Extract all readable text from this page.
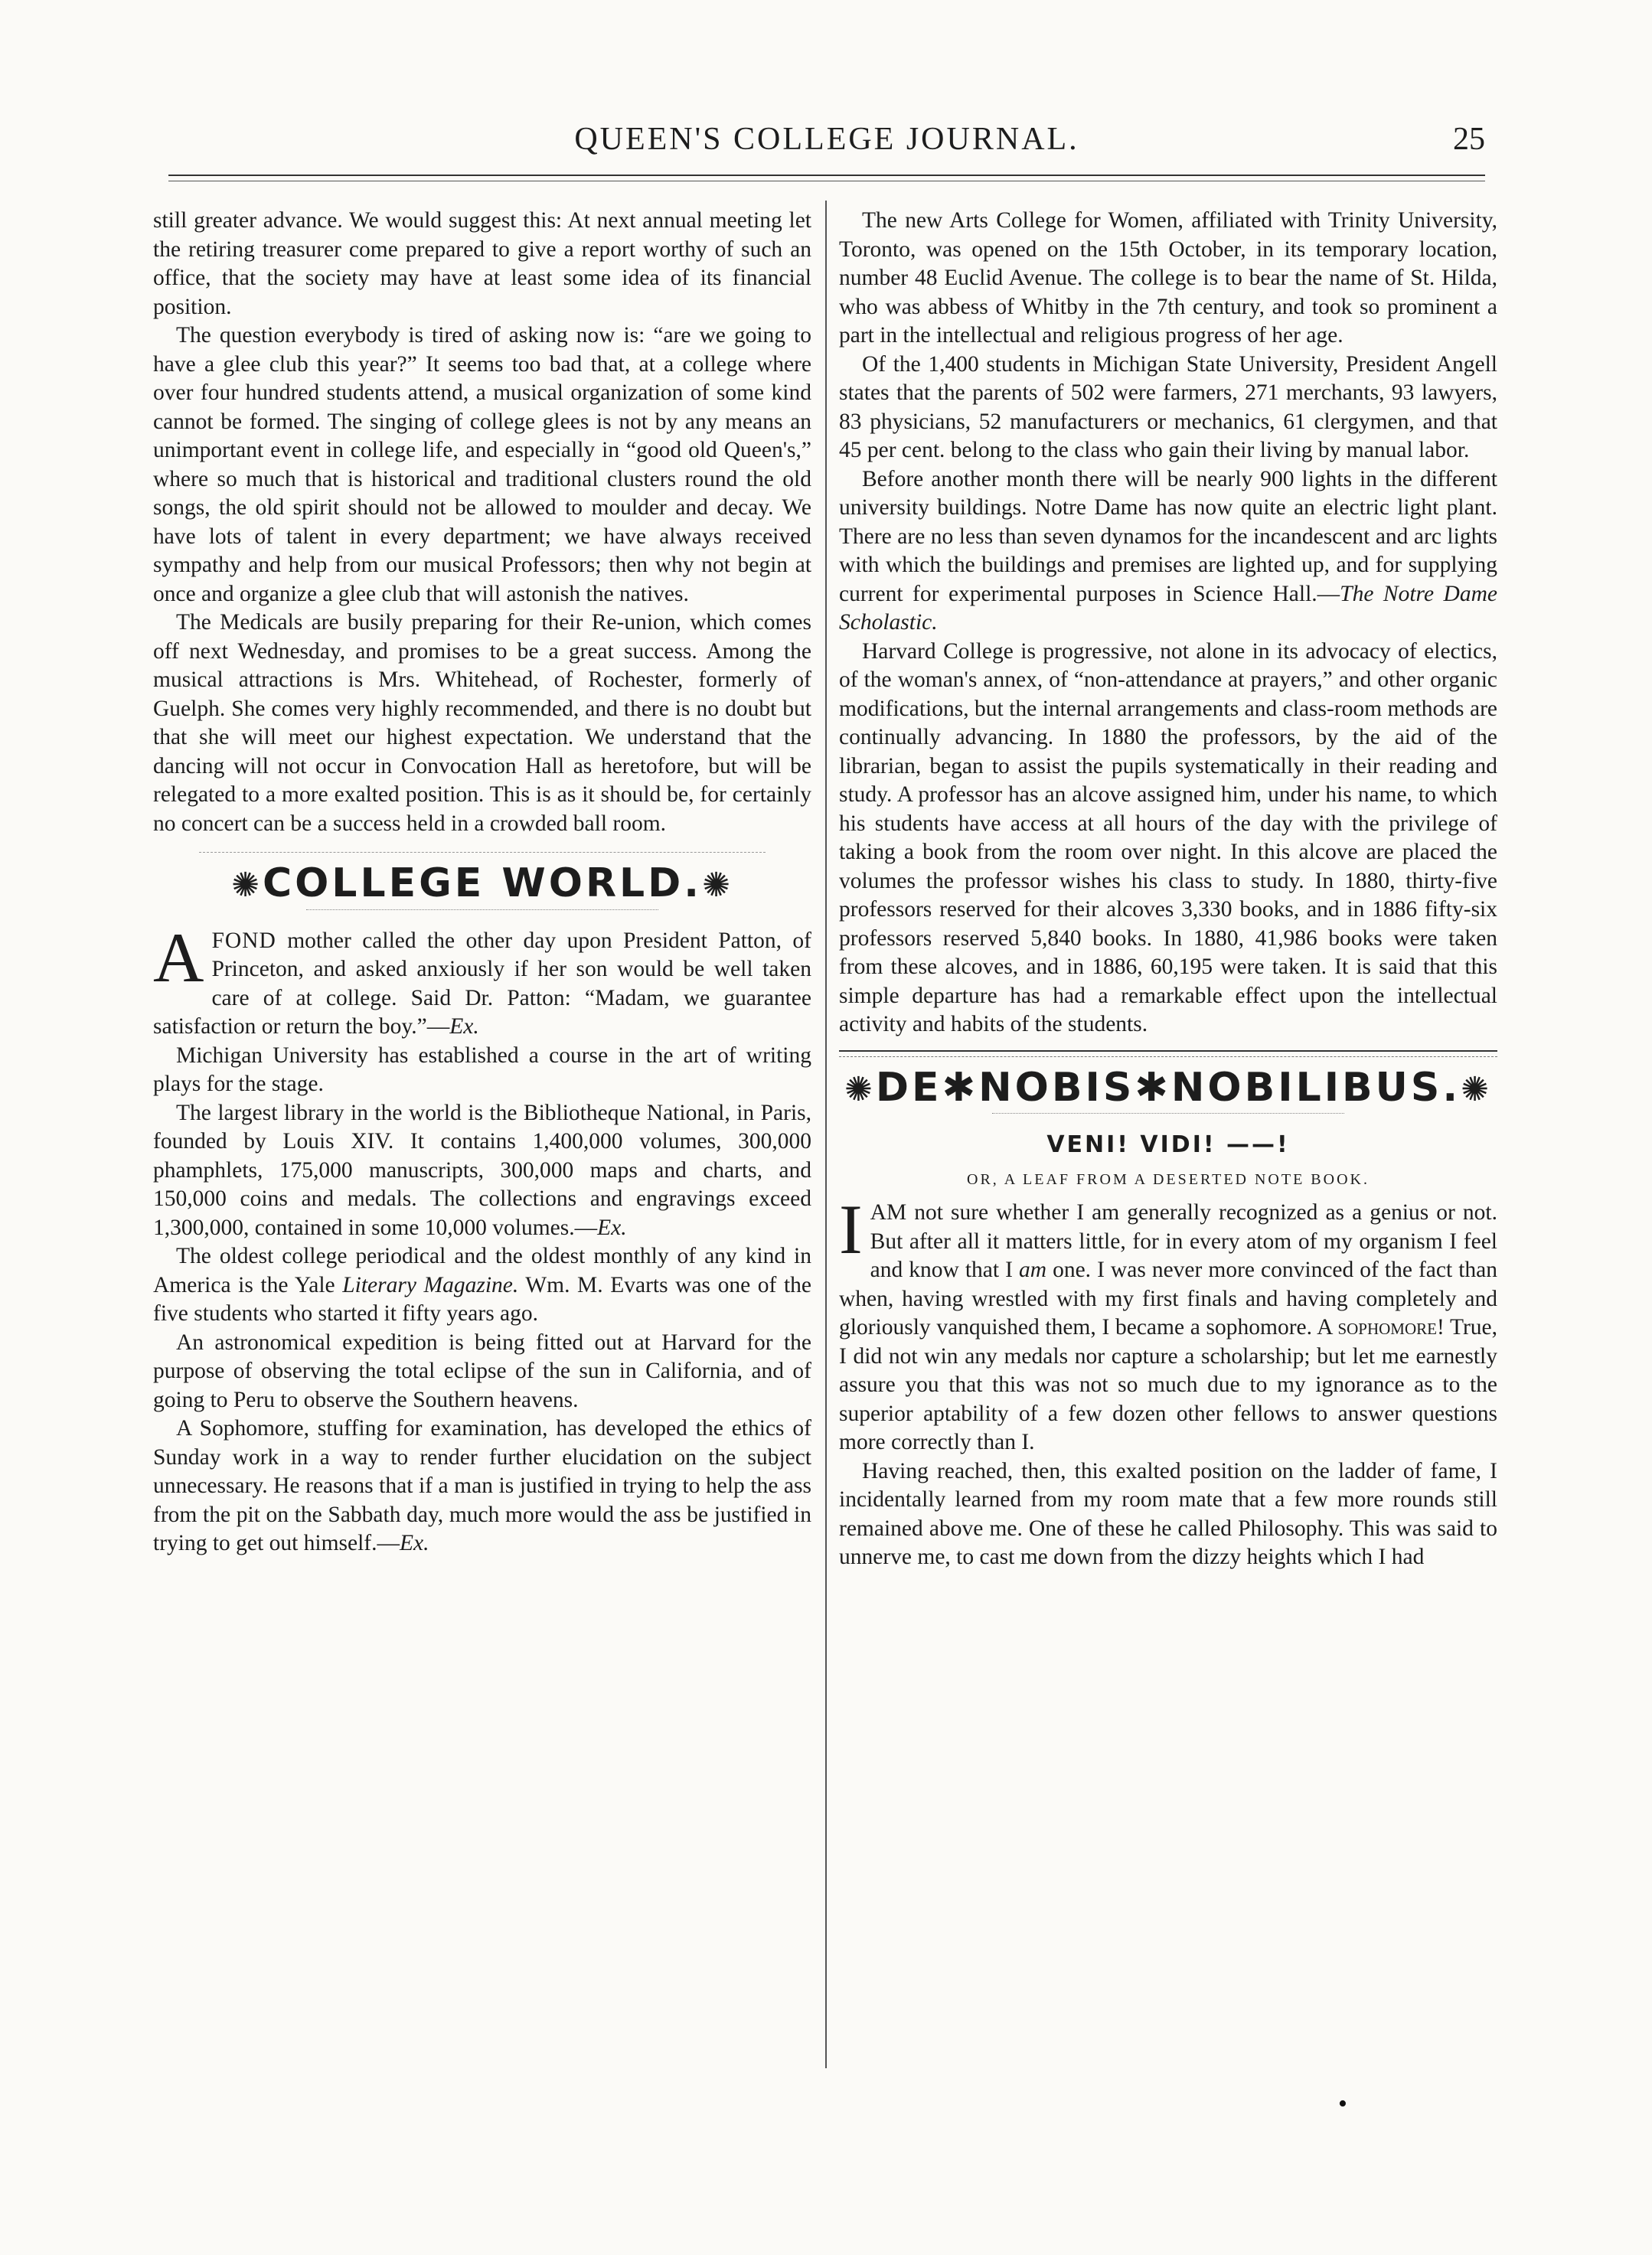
QUEEN'S COLLEGE JOURNAL.	25

still greater advance. We would suggest this: At next annual meeting let the retiring treasurer come prepared to give a report worthy of such an office, that the society may have at least some idea of its financial position.

The question everybody is tired of asking now is: “are we going to have a glee club this year?” It seems too bad that, at a college where over four hundred students attend, a musical organization of some kind cannot be formed. The singing of college glees is not by any means an unimportant event in college life, and especially in “good old Queen's,” where so much that is historical and traditional clusters round the old songs, the old spirit should not be allowed to moulder and decay. We have lots of talent in every department; we have always received sympathy and help from our musical Professors; then why not begin at once and organize a glee club that will astonish the natives.

The Medicals are busily preparing for their Re-union, which comes off next Wednesday, and promises to be a great success. Among the musical attractions is Mrs. Whitehead, of Rochester, formerly of Guelph. She comes very highly recommended, and there is no doubt but that she will meet our highest expectation. We understand that the dancing will not occur in Convocation Hall as heretofore, but will be relegated to a more exalted position. This is as it should be, for certainly no concert can be a success held in a crowded ball room.

✺COLLEGE WORLD.✺

AFOND mother called the other day upon President Patton, of Princeton, and asked anxiously if her son would be well taken care of at college. Said Dr. Patton: “Madam, we guarantee satisfaction or return the boy.”—Ex.

Michigan University has established a course in the art of writing plays for the stage.

The largest library in the world is the Bibliotheque National, in Paris, founded by Louis XIV. It contains 1,400,000 volumes, 300,000 phamphlets, 175,000 manuscripts, 300,000 maps and charts, and 150,000 coins and medals. The collections and engravings exceed 1,300,000, contained in some 10,000 volumes.—Ex.

The oldest college periodical and the oldest monthly of any kind in America is the Yale Literary Magazine. Wm. M. Evarts was one of the five students who started it fifty years ago.

An astronomical expedition is being fitted out at Harvard for the purpose of observing the total eclipse of the sun in California, and of going to Peru to observe the Southern heavens.

A Sophomore, stuffing for examination, has developed the ethics of Sunday work in a way to render further elucidation on the subject unnecessary. He reasons that if a man is justified in trying to help the ass from the pit on the Sabbath day, much more would the ass be justified in trying to get out himself.—Ex.

The new Arts College for Women, affiliated with Trinity University, Toronto, was opened on the 15th October, in its temporary location, number 48 Euclid Avenue. The college is to bear the name of St. Hilda, who was abbess of Whitby in the 7th century, and took so prominent a part in the intellectual and religious progress of her age.

Of the 1,400 students in Michigan State University, President Angell states that the parents of 502 were farmers, 271 merchants, 93 lawyers, 83 physicians, 52 manufacturers or mechanics, 61 clergymen, and that 45 per cent. belong to the class who gain their living by manual labor.

Before another month there will be nearly 900 lights in the different university buildings. Notre Dame has now quite an electric light plant. There are no less than seven dynamos for the incandescent and arc lights with which the buildings and premises are lighted up, and for supplying current for experimental purposes in Science Hall.—The Notre Dame Scholastic.

Harvard College is progressive, not alone in its advocacy of electics, of the woman's annex, of “non-attendance at prayers,” and other organic modifications, but the internal arrangements and class-room methods are continually advancing. In 1880 the professors, by the aid of the librarian, began to assist the pupils systematically in their reading and study. A professor has an alcove assigned him, under his name, to which his students have access at all hours of the day with the privilege of taking a book from the room over night. In this alcove are placed the volumes the professor wishes his class to study. In 1880, thirty-five professors reserved for their alcoves 3,330 books, and in 1886 fifty-six professors reserved 5,840 books. In 1880, 41,986 books were taken from these alcoves, and in 1886, 60,195 were taken. It is said that this simple departure has had a remarkable effect upon the intellectual activity and habits of the students.

✺DE✱NOBIS✱NOBILIBUS.✺
VENI! VIDI! ——!
OR, A LEAF FROM A DESERTED NOTE BOOK.

I AM not sure whether I am generally recognized as a genius or not. But after all it matters little, for in every atom of my organism I feel and know that I am one. I was never more convinced of the fact than when, having wrestled with my first finals and having completely and gloriously vanquished them, I became a sophomore. A sophomore! True, I did not win any medals nor capture a scholarship; but let me earnestly assure you that this was not so much due to my ignorance as to the superior aptability of a few dozen other fellows to answer questions more correctly than I.

Having reached, then, this exalted position on the ladder of fame, I incidentally learned from my room mate that a few more rounds still remained above me. One of these he called Philosophy. This was said to unnerve me, to cast me down from the dizzy heights which I had

•
